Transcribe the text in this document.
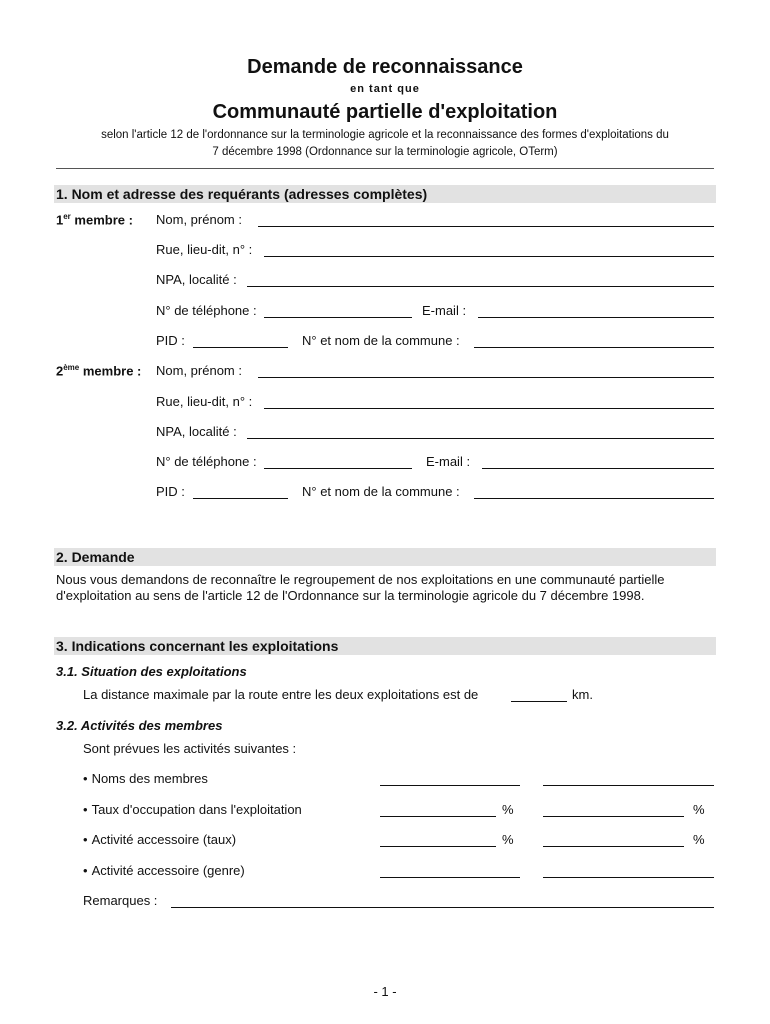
Demande de reconnaissance
en tant que
Communauté partielle d'exploitation
selon l'article 12 de l'ordonnance sur la terminologie agricole et la reconnaissance des formes d'exploitations du
7 décembre 1998 (Ordonnance sur la terminologie agricole, OTerm)
1. Nom et adresse des requérants (adresses complètes)
1er membre : Nom, prénom :
Rue, lieu-dit, n° :
NPA, localité :
N° de téléphone :	E-mail :
PID :	N° et nom de la commune :
2ème membre : Nom, prénom :
Rue, lieu-dit, n° :
NPA, localité :
N° de téléphone :	E-mail :
PID :	N° et nom de la commune :
2. Demande
Nous vous demandons de reconnaître le regroupement de nos exploitations en une communauté partielle
d'exploitation au sens de l'article 12 de l'Ordonnance sur la terminologie agricole du 7 décembre 1998.
3. Indications concernant les exploitations
3.1. Situation des exploitations
La distance maximale par la route entre les deux exploitations est de	km.
3.2. Activités des membres
Sont prévues les activités suivantes :
• Noms des membres
• Taux d'occupation dans l'exploitation	%	%
• Activité accessoire (taux)	%	%
• Activité accessoire (genre)
Remarques :
- 1 -
